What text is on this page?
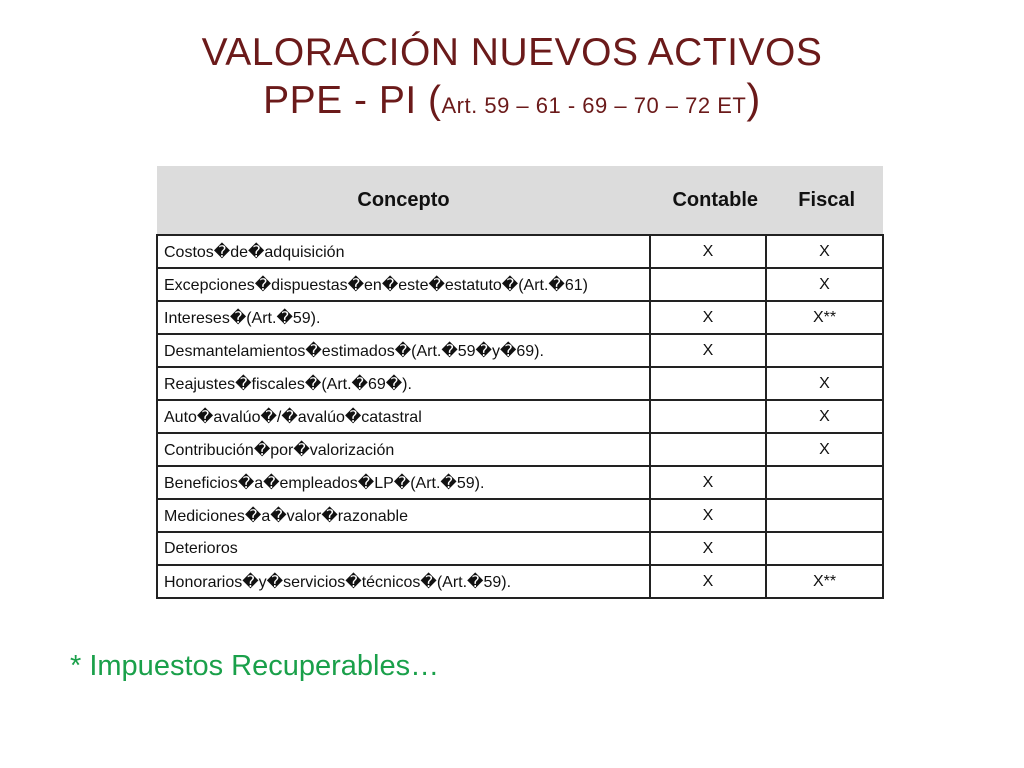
VALORACIÓN NUEVOS ACTIVOS
PPE - PI (Art. 59 – 61 - 69 – 70 – 72 ET)
Concepto	Contable	Fiscal
Costos�de�adquisición	X	X
Excepciones�dispuestas�en�este�estatuto�(Art.�61)		X
Intereses�(Art.�59).	X	X**
Desmantelamientos�estimados�(Art.�59�y�69).	X	
Reajustes�fiscales�(Art.�69�).		X
Auto�avalúo�/�avalúo�catastral		X
Contribución�por�valorización		X
Beneficios�a�empleados�LP�(Art.�59).	X	
Mediciones�a�valor�razonable	X	
Deterioros	X	
Honorarios�y�servicios�técnicos�(Art.�59).	X	X**
* Impuestos Recuperables…
